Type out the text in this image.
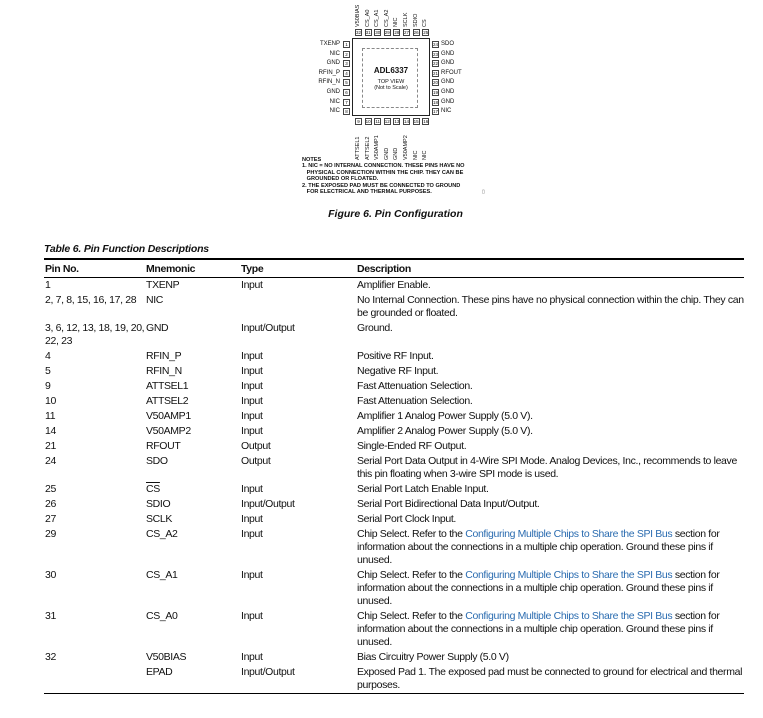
ADL6337
TOP VIEW
(Not to Scale)
1
TXENP
2
NIC
3
GND
4
RFIN_P
5
RFIN_N
6
GND
7
NIC
8
NIC
24 SDO
23 GND
22 GND
21 RFOUT
20 GND
19 GND
18 GND
17 NIC
32
V50BIAS
31
CS_A0
30
CS_A1
29
CS_A2
28
NIC
27
SCLK
26
SDIO
25
CS
9
ATTSEL1
10
ATTSEL2
11
V50AMP1
12
GND
13
GND
14
V50AMP2
15
NIC
16
NIC
NOTES
1. NIC = NO INTERNAL CONNECTION. THESE PINS HAVE NO
PHYSICAL CONNECTION WITHIN THE CHIP. THEY CAN BE
GROUNDED OR FLOATED.
2. THE EXPOSED PAD MUST BE CONNECTED TO GROUND
FOR ELECTRICAL AND THERMAL PURPOSES.	▯
Figure 6. Pin Configuration
Table 6. Pin Function Descriptions
Pin No.	Mnemonic	Type	Description
1	TXENP	Input	Amplifier Enable.
2, 7, 8, 15, 16, 17, 28	NIC		No Internal Connection. These pins have no physical connection within the chip. They can be grounded or floated.
3, 6, 12, 13, 18, 19, 20, 22, 23	GND	Input/Output	Ground.
4	RFIN_P	Input	Positive RF Input.
5	RFIN_N	Input	Negative RF Input.
9	ATTSEL1	Input	Fast Attenuation Selection.
10	ATTSEL2	Input	Fast Attenuation Selection.
11	V50AMP1	Input	Amplifier 1 Analog Power Supply (5.0 V).
14	V50AMP2	Input	Amplifier 2 Analog Power Supply (5.0 V).
21	RFOUT	Output	Single-Ended RF Output.
24	SDO	Output	Serial Port Data Output in 4-Wire SPI Mode. Analog Devices, Inc., recommends to leave this pin floating when 3-wire SPI mode is used.
25	$\overline{CS}$	Input	Serial Port Latch Enable Input.
26	SDIO	Input/Output	Serial Port Bidirectional Data Input/Output.
27	SCLK	Input	Serial Port Clock Input.
29	CS_A2	Input	Chip Select. Refer to the Configuring Multiple Chips to Share the SPI Bus section for information about the connections in a multiple chip operation. Ground these pins if unused.
30	CS_A1	Input	Chip Select. Refer to the Configuring Multiple Chips to Share the SPI Bus section for information about the connections in a multiple chip operation. Ground these pins if unused.
31	CS_A0	Input	Chip Select. Refer to the Configuring Multiple Chips to Share the SPI Bus section for information about the connections in a multiple chip operation. Ground these pins if unused.
32	V50BIAS	Input	Bias Circuitry Power Supply (5.0 V)
	EPAD	Input/Output	Exposed Pad 1. The exposed pad must be connected to ground for electrical and thermal purposes.
